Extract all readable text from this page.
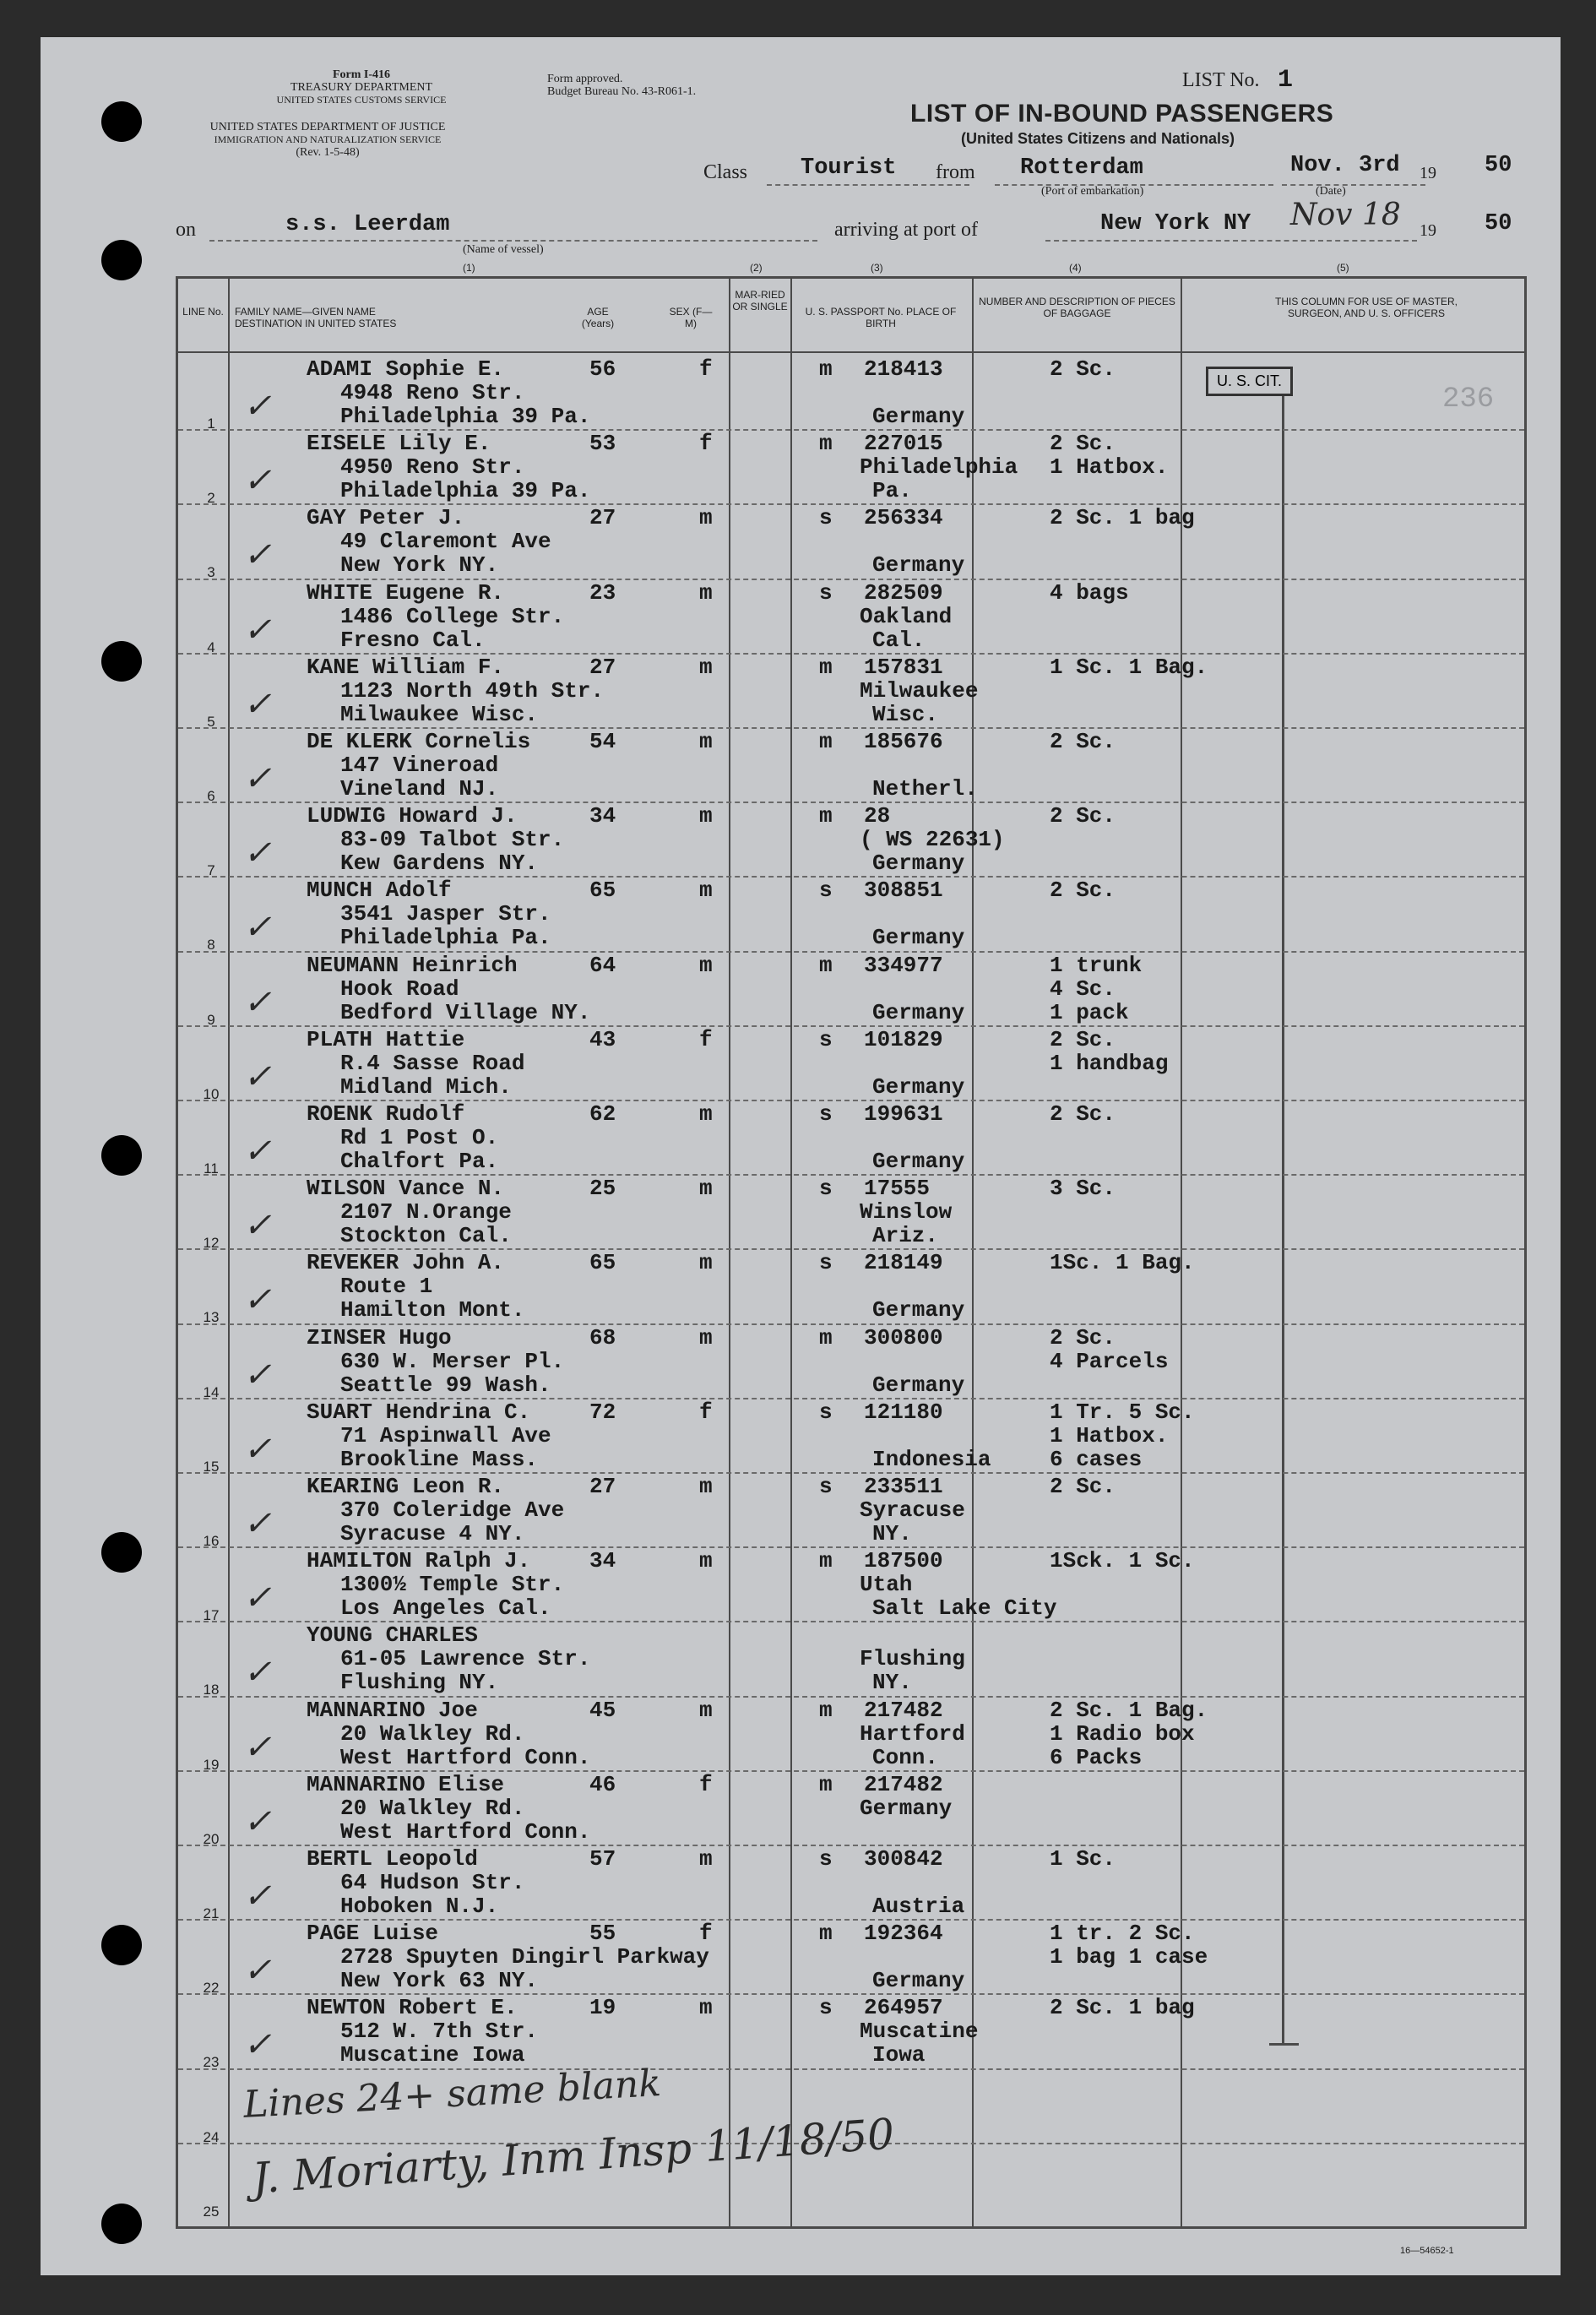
Form I-416
TREASURY DEPARTMENT
UNITED STATES CUSTOMS SERVICE
UNITED STATES DEPARTMENT OF JUSTICE
IMMIGRATION AND NATURALIZATION SERVICE
(Rev. 1-5-48)
Form approved.
Budget Bureau No. 43-R061-1.
LIST No. 1
LIST OF IN-BOUND PASSENGERS
(United States Citizens and Nationals)
Class Tourist from Rotterdam
(Port of embarkation)
Nov. 3rd
(Date)
19 50
on	s.s. Leerdam
(Name of vessel)
arriving at port of	New York NY Nov 18 19 50
(1)	(2)	(3)	(4)	(5)
LINE No. FAMILY NAME—GIVEN NAME DESTINATION IN UNITED STATES
AGE (Years)
SEX (F—M)
MAR-RIED OR SINGLE U. S. PASSPORT No. PLACE OF BIRTH
NUMBER AND DESCRIPTION OF PIECES OF BAGGAGE
THIS COLUMN FOR USE OF MASTER, SURGEON, AND U. S. OFFICERS
U. S. CIT.
236
1
ADAMI Sophie E.
4948 Reno Str.
Philadelphia 39 Pa.
56	f	m 218413
Germany
2 Sc.
✓
2
EISELE Lily E.
4950 Reno Str.
Philadelphia 39 Pa.
53	f	m 227015
Philadelphia
Pa.
2 Sc.
1 Hatbox.
✓
3
GAY Peter J.
49 Claremont Ave
New York NY.
27	m	s 256334
Germany
2 Sc. 1 bag
✓
4
WHITE Eugene R.
1486 College Str.
Fresno Cal.
23	m	s 282509
Oakland
Cal.
4 bags
✓
5
KANE William F.
1123 North 49th Str.
Milwaukee Wisc.
27	m	m 157831
Milwaukee
Wisc.
1 Sc. 1 Bag.
✓
6
DE KLERK Cornelis
147 Vineroad
Vineland NJ.
54	m	m 185676
Netherl.
2 Sc.
✓
7
LUDWIG Howard J.
83-09 Talbot Str.
Kew Gardens NY.
34	m	m 28
( WS 22631)
Germany
2 Sc.
✓
8
MUNCH Adolf
3541 Jasper Str.
Philadelphia Pa.
65	m	s 308851
Germany
2 Sc.
✓
9
NEUMANN Heinrich
Hook Road
Bedford Village NY.
64	m	m 334977
Germany
1 trunk
4 Sc.
1 pack
✓
10
PLATH Hattie
R.4 Sasse Road
Midland Mich.
43	f	s 101829
Germany
2 Sc.
1 handbag
✓
11
ROENK Rudolf
Rd 1 Post O.
Chalfort Pa.
62	m	s 199631
Germany
2 Sc.
✓
12
WILSON Vance N.
2107 N.Orange
Stockton Cal.
25	m	s 17555
Winslow
Ariz.
3 Sc.
✓
13
REVEKER John A.
Route 1
Hamilton Mont.
65	m	s 218149
Germany
1Sc. 1 Bag.
✓
14
ZINSER Hugo
630 W. Merser Pl.
Seattle 99 Wash.
68	m	m 300800
Germany
2 Sc.
4 Parcels
✓
15
SUART Hendrina C.
71 Aspinwall Ave
Brookline Mass.
72	f	s 121180
Indonesia
1 Tr. 5 Sc.
1 Hatbox.
6 cases
✓
16
KEARING Leon R.
370 Coleridge Ave
Syracuse 4 NY.
27	m	s 233511
Syracuse
NY.
2 Sc.
✓
17
HAMILTON Ralph J.
1300½ Temple Str.
Los Angeles Cal.
34	m	m 187500
Utah
Salt Lake City
1Sck. 1 Sc.
✓
18
YOUNG CHARLES
61-05 Lawrence Str.
Flushing NY.
Flushing
NY.
✓
19
MANNARINO Joe
20 Walkley Rd.
West Hartford Conn.
45	m	m 217482
Hartford
Conn.
2 Sc. 1 Bag.
1 Radio box
6 Packs
✓
20
MANNARINO Elise
20 Walkley Rd.
West Hartford Conn.
46	f	m 217482
Germany
✓
21
BERTL Leopold
64 Hudson Str.
Hoboken N.J.
57	m	s 300842
Austria
1 Sc.
✓
22
PAGE Luise
2728 Spuyten Dingirl Parkway
New York 63 NY.
55	f	m 192364
Germany
1 tr. 2 Sc.
1 bag 1 case
✓
23
NEWTON Robert E.
512 W. 7th Str.
Muscatine Iowa
19	m	s 264957
Muscatine
Iowa
2 Sc. 1 bag
✓
24
25
Lines 24+ same blank
J. Moriarty, Inm Insp 11/18/50
16—54652-1
